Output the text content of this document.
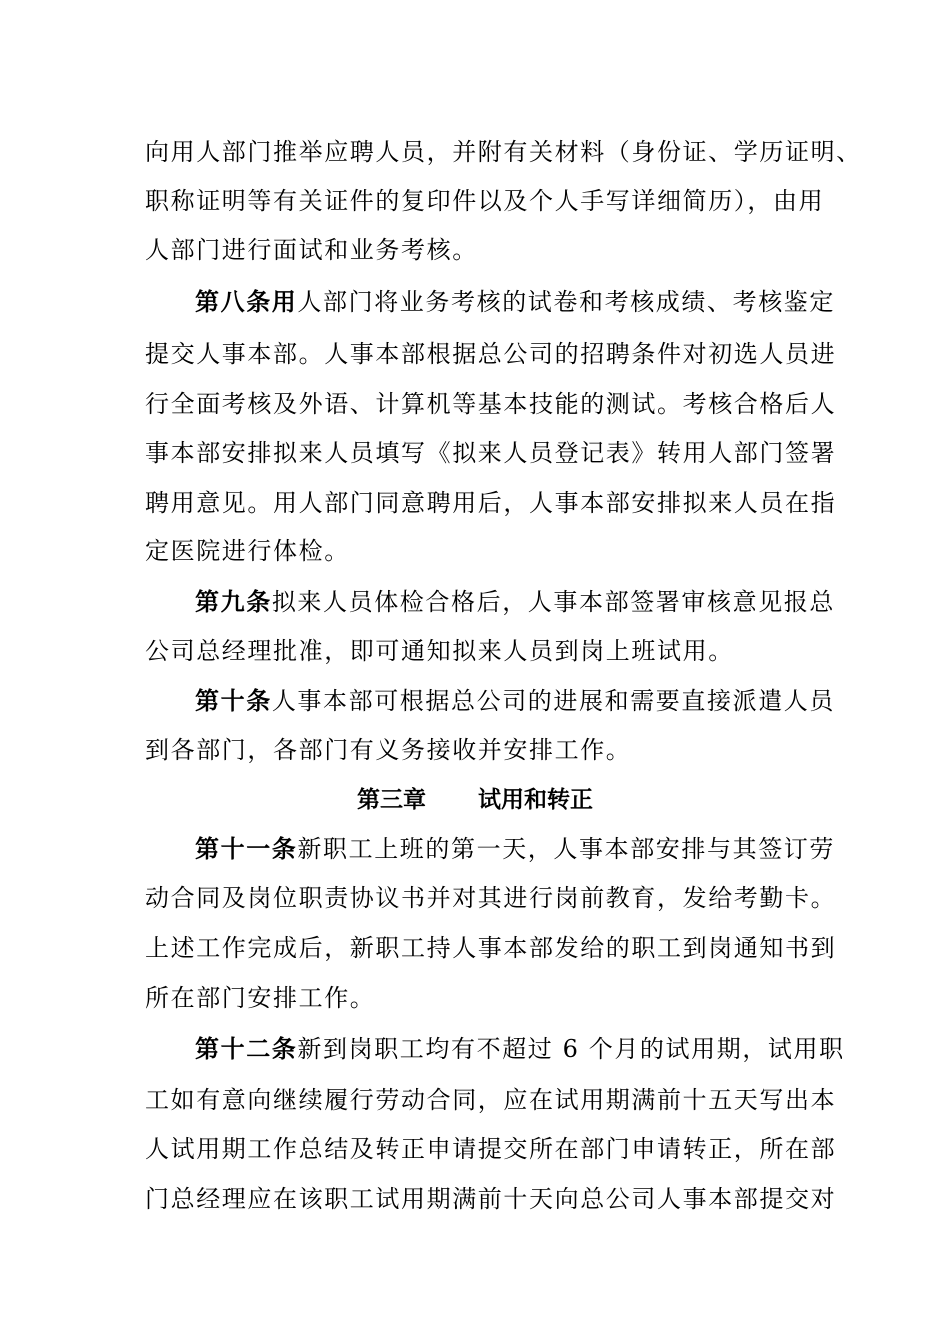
向用人部门推举应聘人员，并附有关材料（身份证、学历证明、
职称证明等有关证件的复印件以及个人手写详细简历），由用
人部门进行面试和业务考核。
第八条用人部门将业务考核的试卷和考核成绩、考核鉴定
提交人事本部。人事本部根据总公司的招聘条件对初选人员进
行全面考核及外语、计算机等基本技能的测试。考核合格后人
事本部安排拟来人员填写《拟来人员登记表》转用人部门签署
聘用意见。用人部门同意聘用后，人事本部安排拟来人员在指
定医院进行体检。
第九条拟来人员体检合格后，人事本部签署审核意见报总
公司总经理批准，即可通知拟来人员到岗上班试用。
第十条人事本部可根据总公司的进展和需要直接派遣人员
到各部门，各部门有义务接收并安排工作。
第三章 试用和转正
第十一条新职工上班的第一天，人事本部安排与其签订劳
动合同及岗位职责协议书并对其进行岗前教育，发给考勤卡。
上述工作完成后，新职工持人事本部发给的职工到岗通知书到
所在部门安排工作。
第十二条新到岗职工均有不超过 6 个月的试用期，试用职
工如有意向继续履行劳动合同，应在试用期满前十五天写出本
人试用期工作总结及转正申请提交所在部门申请转正，所在部
门总经理应在该职工试用期满前十天向总公司人事本部提交对
